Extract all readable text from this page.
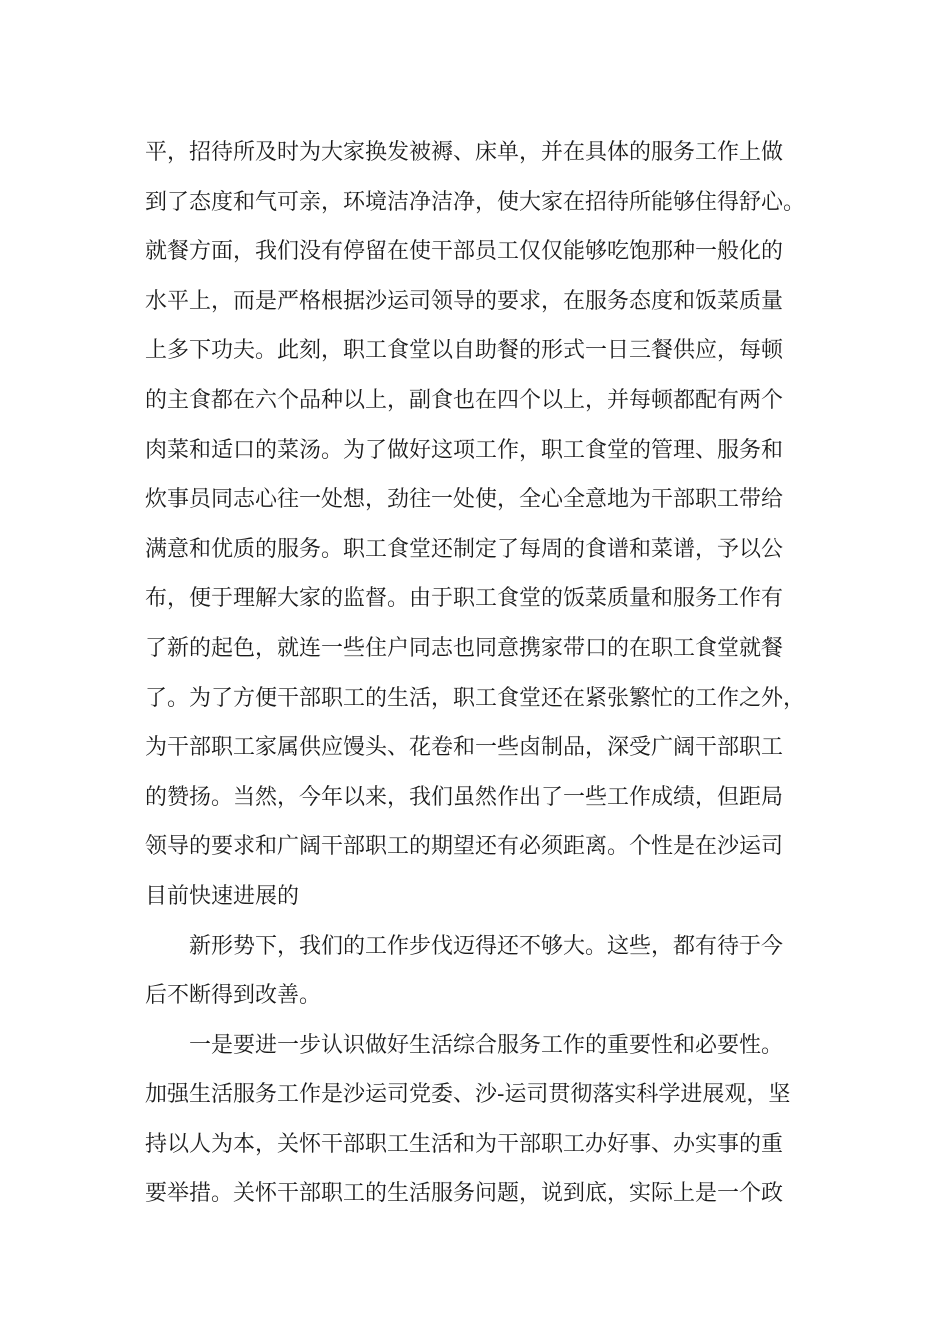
平，招待所及时为大家换发被褥、床单，并在具体的服务工作上做
到了态度和气可亲，环境洁净洁净，使大家在招待所能够住得舒心。
就餐方面，我们没有停留在使干部员工仅仅能够吃饱那种一般化的
水平上，而是严格根据沙运司领导的要求，在服务态度和饭菜质量
上多下功夫。此刻，职工食堂以自助餐的形式一日三餐供应，每顿
的主食都在六个品种以上，副食也在四个以上，并每顿都配有两个
肉菜和适口的菜汤。为了做好这项工作，职工食堂的管理、服务和
炊事员同志心往一处想，劲往一处使，全心全意地为干部职工带给
满意和优质的服务。职工食堂还制定了每周的食谱和菜谱，予以公
布，便于理解大家的监督。由于职工食堂的饭菜质量和服务工作有
了新的起色，就连一些住户同志也同意携家带口的在职工食堂就餐
了。为了方便干部职工的生活，职工食堂还在紧张繁忙的工作之外，
为干部职工家属供应馒头、花卷和一些卤制品，深受广阔干部职工
的赞扬。当然，今年以来，我们虽然作出了一些工作成绩，但距局
领导的要求和广阔干部职工的期望还有必须距离。个性是在沙运司
目前快速进展的
新形势下，我们的工作步伐迈得还不够大。这些，都有待于今
后不断得到改善。
一是要进一步认识做好生活综合服务工作的重要性和必要性。
加强生活服务工作是沙运司党委、沙-运司贯彻落实科学进展观，坚
持以人为本，关怀干部职工生活和为干部职工办好事、办实事的重
要举措。关怀干部职工的生活服务问题，说到底，实际上是一个政
